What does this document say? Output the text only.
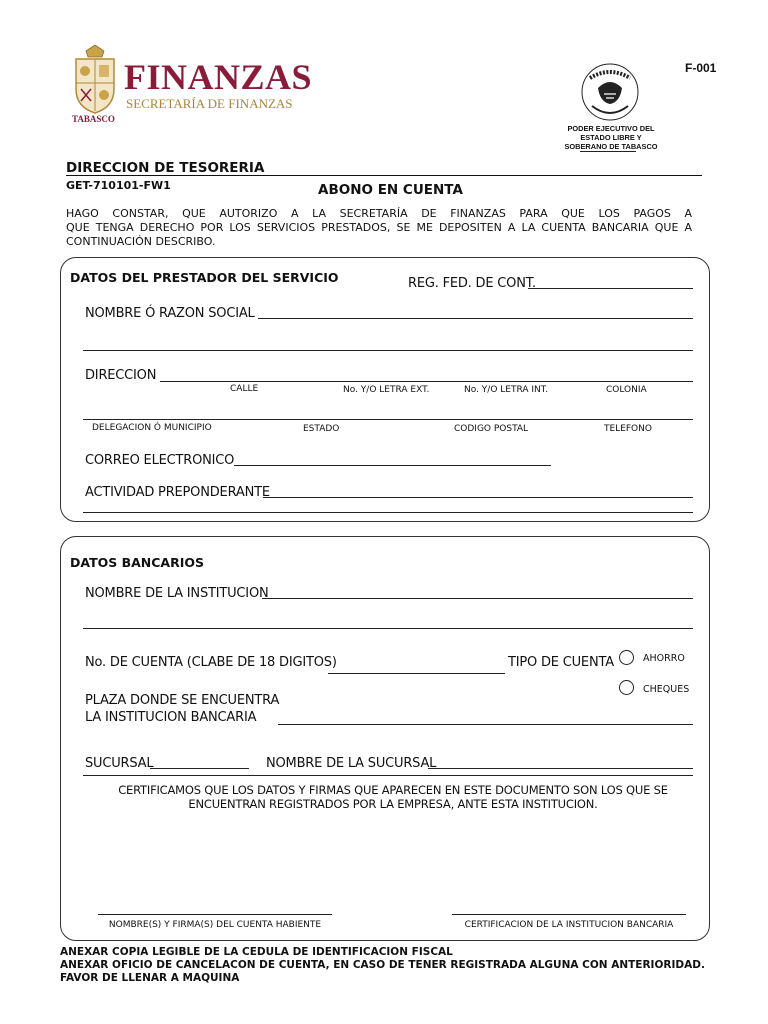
FINANZAS
SECRETARÍA DE FINANZAS
TABASCO
F-001
PODER EJECUTIVO DEL
ESTADO LIBRE Y
SOBERANO DE TABASCO
DIRECCION DE TESORERIA
GET-710101-FW1	ABONO EN CUENTA
HAGO CONSTAR, QUE AUTORIZO A LA SECRETARÍA DE FINANZAS PARA QUE LOS PAGOS A
QUE TENGA DERECHO POR LOS SERVICIOS PRESTADOS, SE ME DEPOSITEN A LA CUENTA BANCARIA QUE A
CONTINUACIÓN DESCRIBO.
DATOS DEL PRESTADOR DEL SERVICIO	REG. FED. DE CONT.
NOMBRE Ó RAZON SOCIAL
DIRECCION
CALLE	No. Y/O LETRA EXT.	No. Y/O LETRA INT.	COLONIA
DELEGACION Ó MUNICIPIO	ESTADO	CODIGO POSTAL	TELEFONO
CORREO ELECTRONICO
ACTIVIDAD PREPONDERANTE
DATOS BANCARIOS
NOMBRE DE LA INSTITUCION
No. DE CUENTA (CLABE DE 18 DIGITOS)	TIPO DE CUENTA	AHORRO
CHEQUES
PLAZA DONDE SE ENCUENTRA
LA INSTITUCION BANCARIA
SUCURSAL	NOMBRE DE LA SUCURSAL
CERTIFICAMOS QUE LOS DATOS Y FIRMAS QUE APARECEN EN ESTE DOCUMENTO SON LOS QUE SE
ENCUENTRAN REGISTRADOS POR LA EMPRESA, ANTE ESTA INSTITUCION.
NOMBRE(S) Y FIRMA(S) DEL CUENTA HABIENTE	CERTIFICACION DE LA INSTITUCION BANCARIA
ANEXAR COPIA LEGIBLE DE LA CEDULA DE IDENTIFICACION FISCAL
ANEXAR OFICIO DE CANCELACON DE CUENTA, EN CASO DE TENER REGISTRADA ALGUNA CON ANTERIORIDAD.
FAVOR DE LLENAR A MAQUINA
